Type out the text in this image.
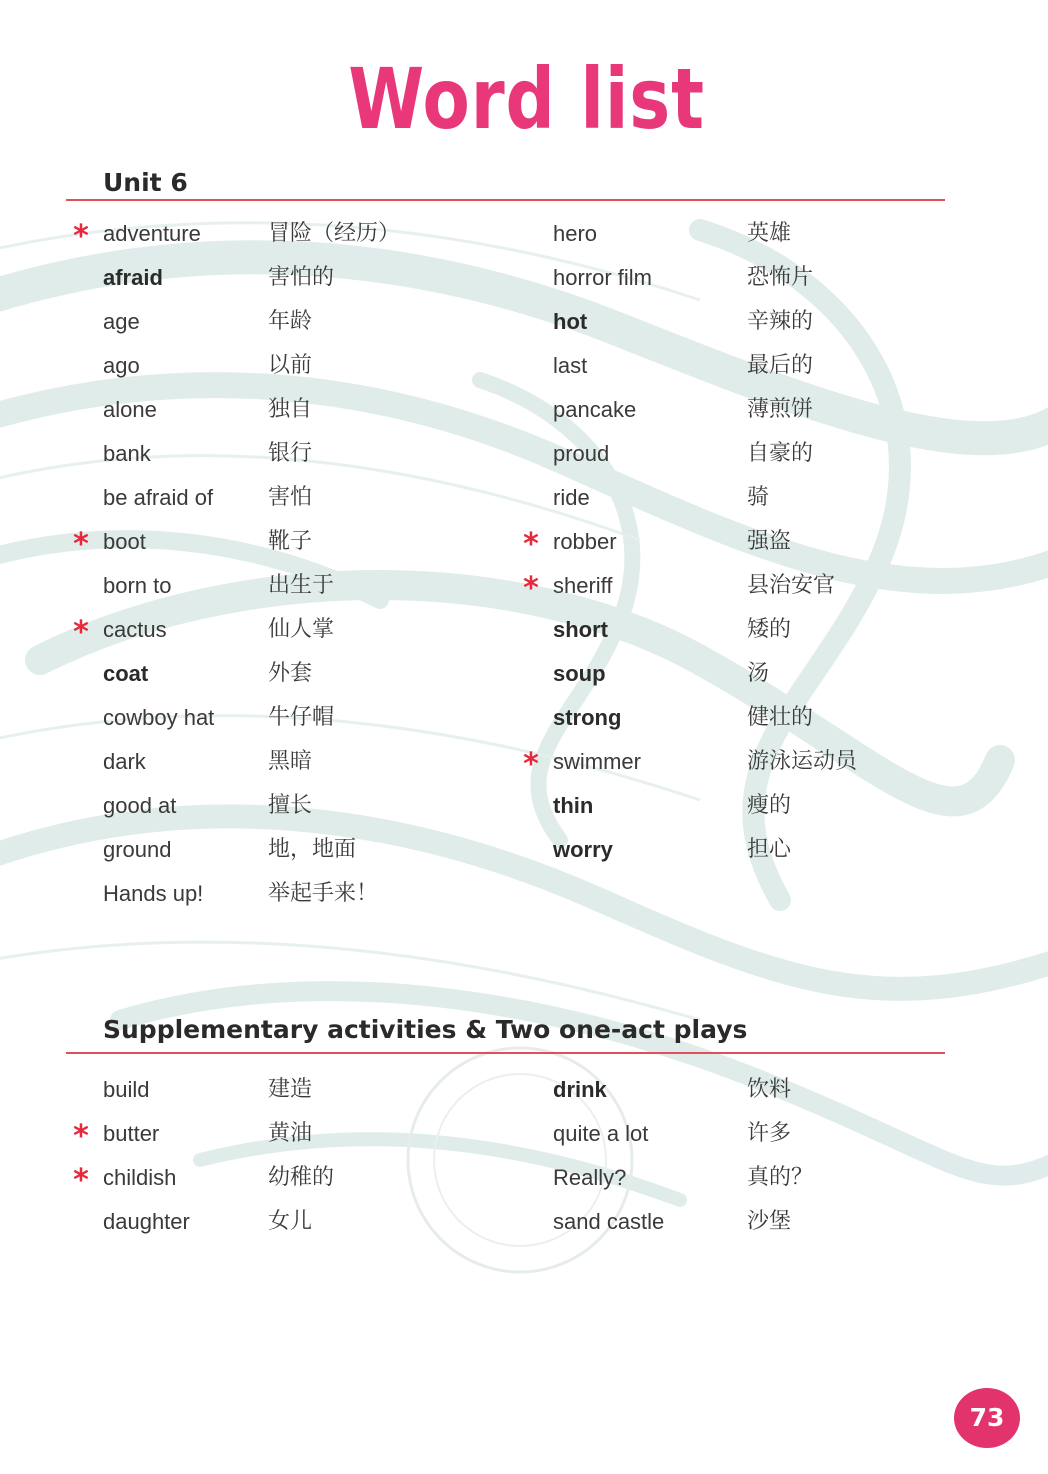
Word list
Unit 6
Supplementary activities & Two one-act plays
* adventure	冒险（经历）
afraid	害怕的
age	年龄
ago	以前
alone	独自
bank	银行
be afraid of 害怕
* boot	靴子
born to	出生于
* cactus	仙人掌
coat	外套
cowboy hat 牛仔帽
dark	黑暗
good at	擅长
ground	地，地面
Hands up!	举起手来！
hero	英雄
horror film	恐怖片
hot	辛辣的
last	最后的
pancake	薄煎饼
proud	自豪的
ride	骑
* robber	强盗
* sheriff	县治安官
short	矮的
soup	汤
strong	健壮的
* swimmer	游泳运动员
thin	瘦的
worry	担心
build	建造
* butter	黄油
* childish	幼稚的
daughter	女儿
drink	饮料
quite a lot	许多
Really?	真的？
sand castle	沙堡
73
